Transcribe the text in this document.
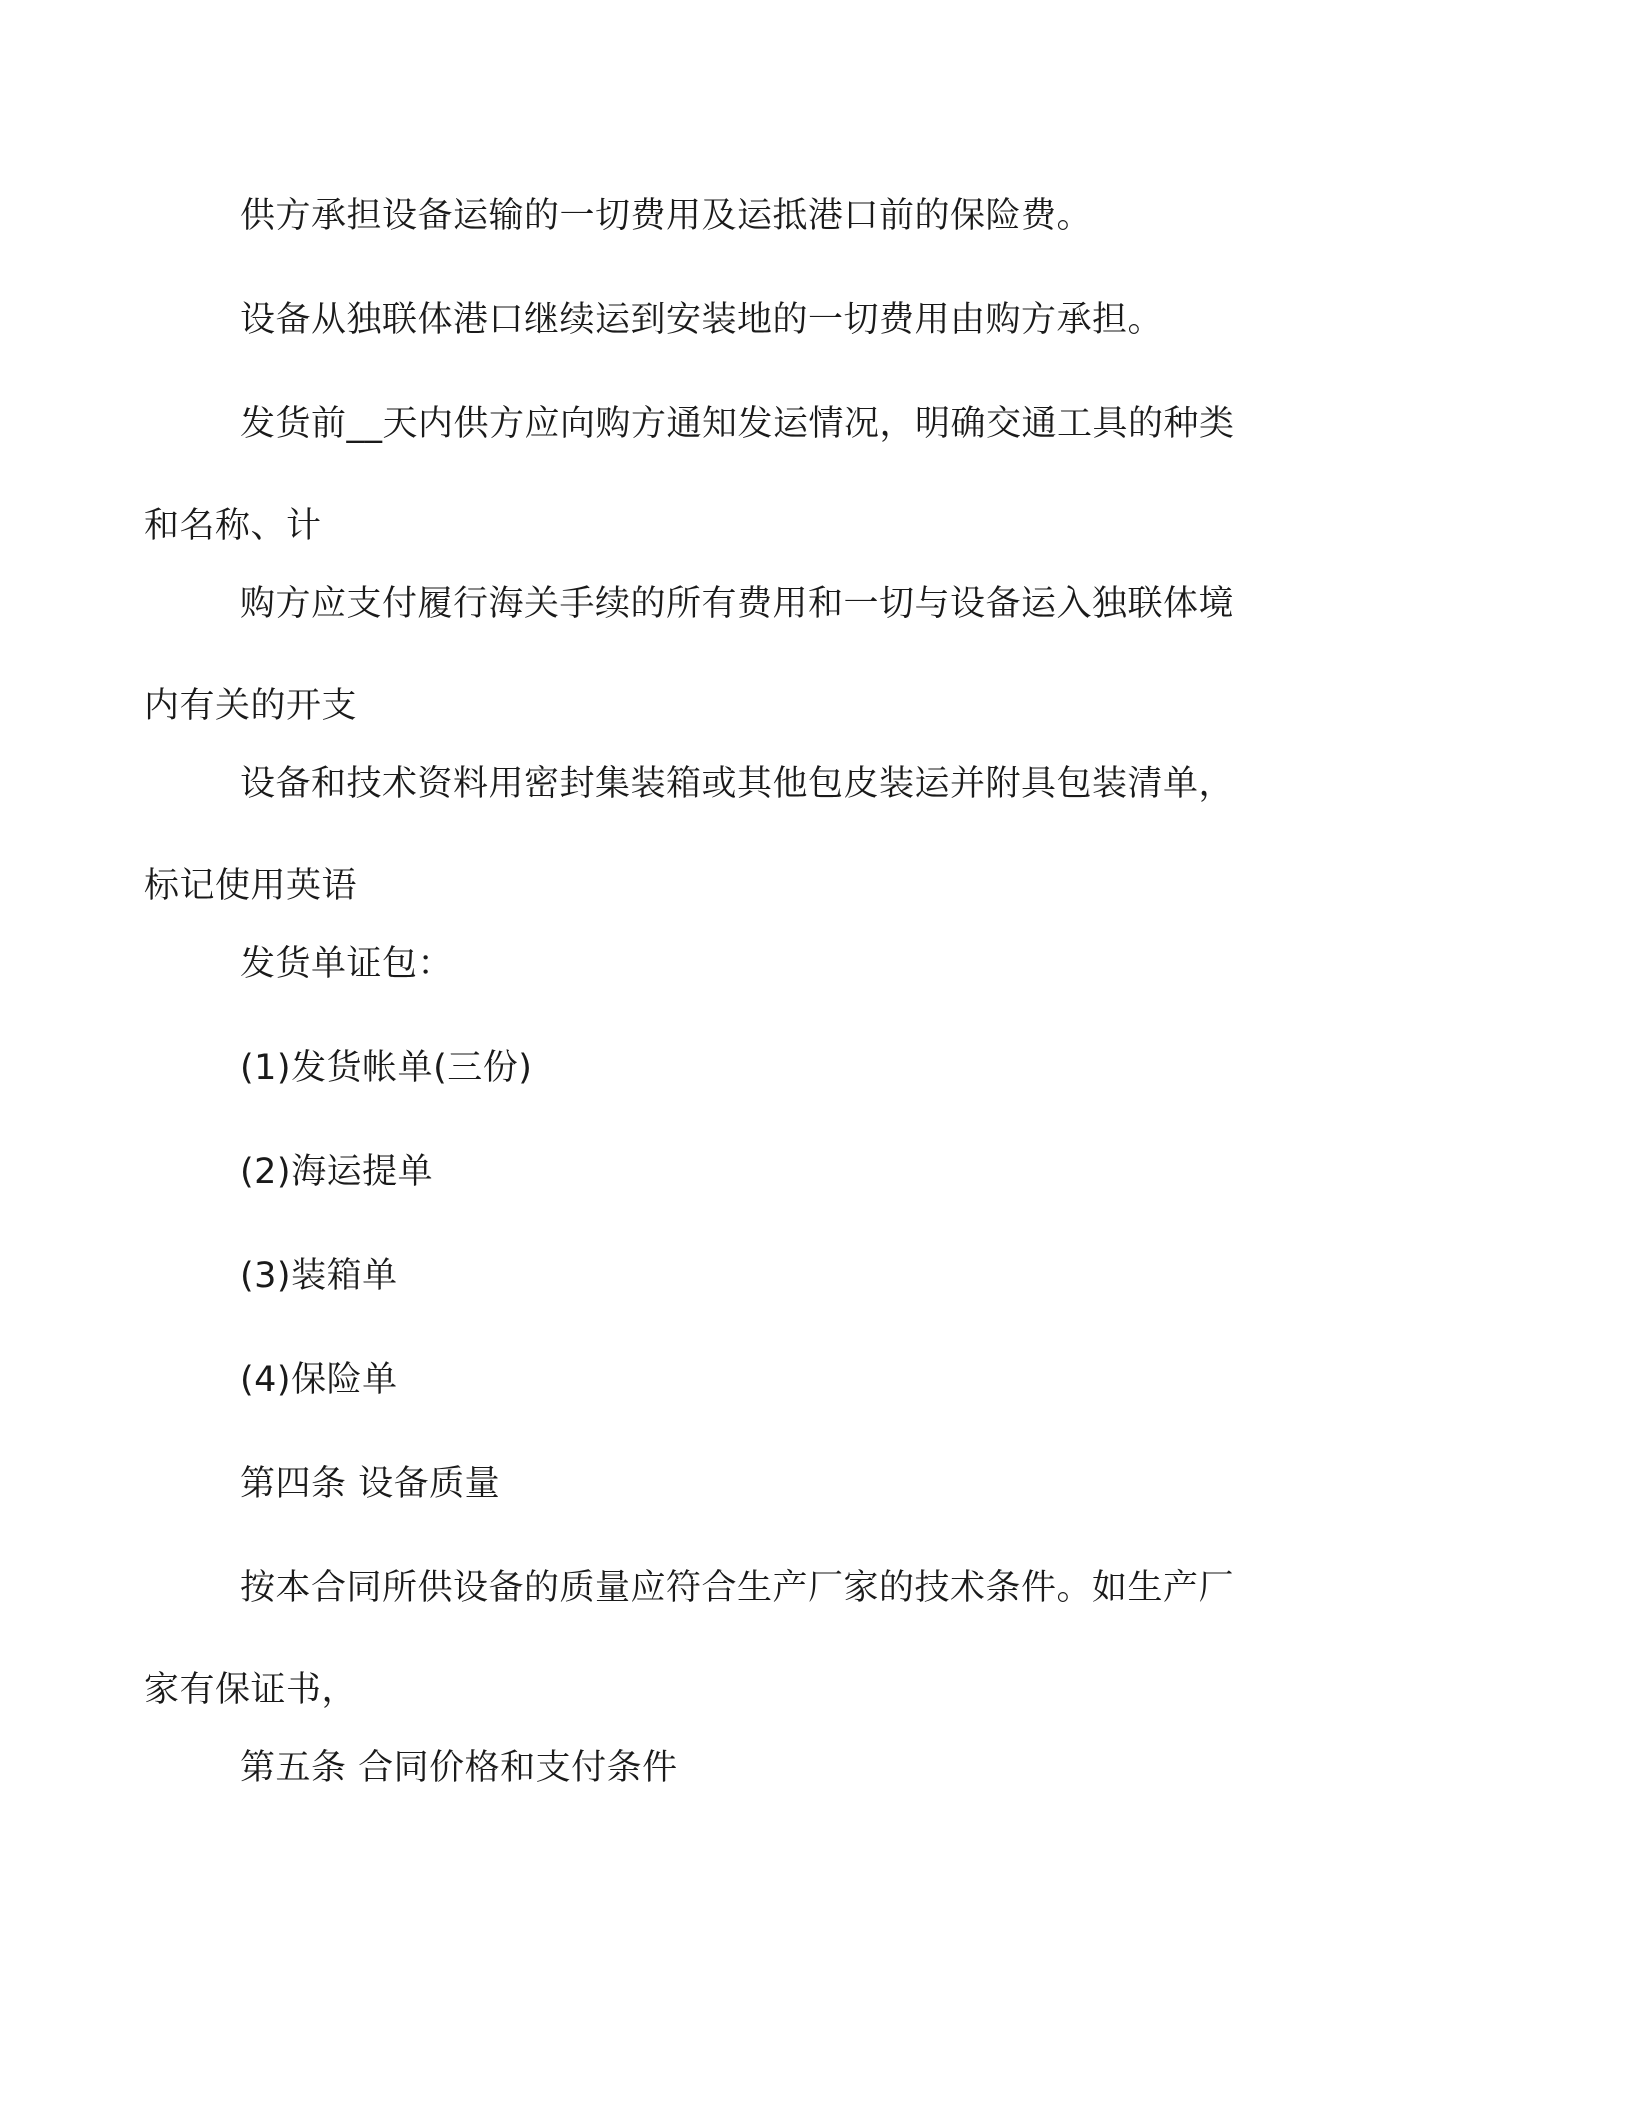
供方承担设备运输的一切费用及运抵港口前的保险费。
设备从独联体港口继续运到安装地的一切费用由购方承担。
发货前__天内供方应向购方通知发运情况，明确交通工具的种类
和名称、计
购方应支付履行海关手续的所有费用和一切与设备运入独联体境
内有关的开支
设备和技术资料用密封集装箱或其他包皮装运并附具包装清单，
标记使用英语
发货单证包：
(1)发货帐单(三份)
(2)海运提单
(3)装箱单
(4)保险单
第四条 设备质量
按本合同所供设备的质量应符合生产厂家的技术条件。如生产厂
家有保证书，
第五条 合同价格和支付条件
